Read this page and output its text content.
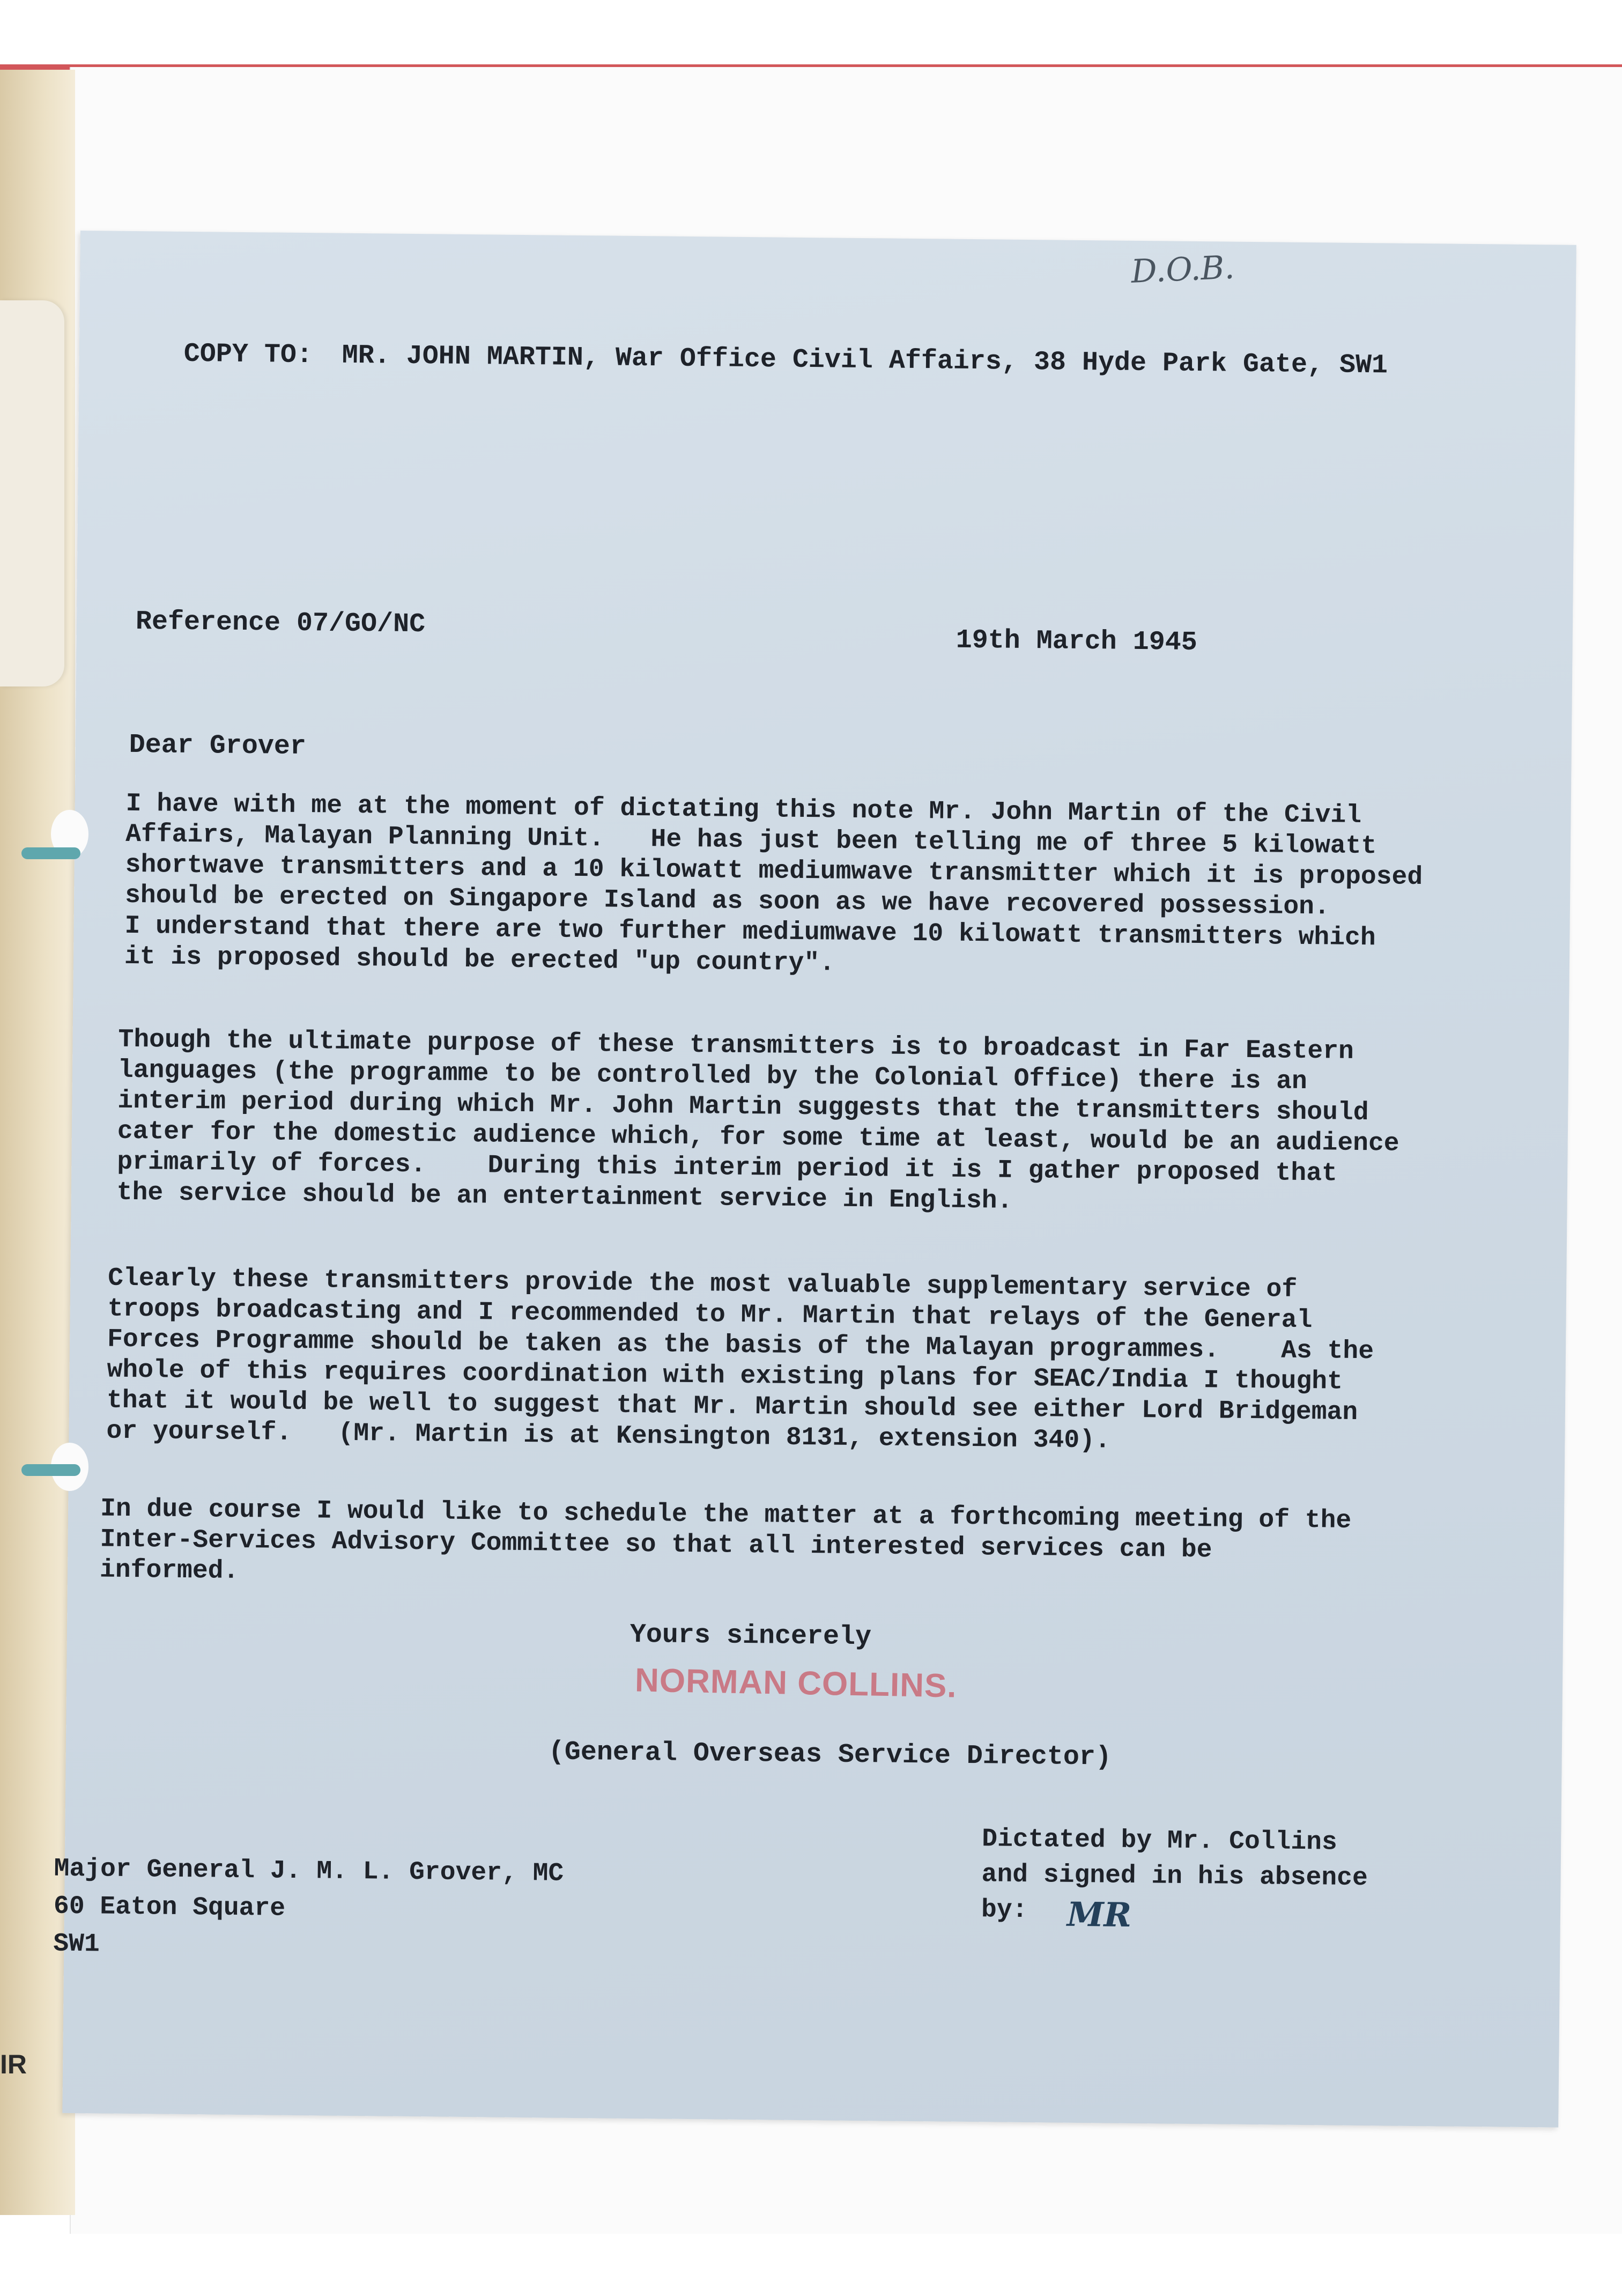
D.O.B.
COPY TO: MR. JOHN MARTIN, War Office Civil Affairs, 38 Hyde Park Gate, SW1
Reference 07/GO/NC
19th March 1945
Dear Grover
I have with me at the moment of dictating this note Mr. John Martin of the Civil
Affairs, Malayan Planning Unit.   He has just been telling me of three 5 kilowatt
shortwave transmitters and a 10 kilowatt mediumwave transmitter which it is proposed
should be erected on Singapore Island as soon as we have recovered possession.
I understand that there are two further mediumwave 10 kilowatt transmitters which
it is proposed should be erected "up country".
Though the ultimate purpose of these transmitters is to broadcast in Far Eastern
languages (the programme to be controlled by the Colonial Office) there is an
interim period during which Mr. John Martin suggests that the transmitters should
cater for the domestic audience which, for some time at least, would be an audience
primarily of forces.    During this interim period it is I gather proposed that
the service should be an entertainment service in English.
Clearly these transmitters provide the most valuable supplementary service of
troops broadcasting and I recommended to Mr. Martin that relays of the General
Forces Programme should be taken as the basis of the Malayan programmes.    As the
whole of this requires coordination with existing plans for SEAC/India I thought
that it would be well to suggest that Mr. Martin should see either Lord Bridgeman
or yourself.   (Mr. Martin is at Kensington 8131, extension 340).
In due course I would like to schedule the matter at a forthcoming meeting of the
Inter-Services Advisory Committee so that all interested services can be
informed.
Yours sincerely
NORMAN COLLINS.
(General Overseas Service Director)
Dictated by Mr. Collins
and signed in his absence
by:	MR
Major General J. M. L. Grover, MC
60 Eaton Square
SW1
IR
